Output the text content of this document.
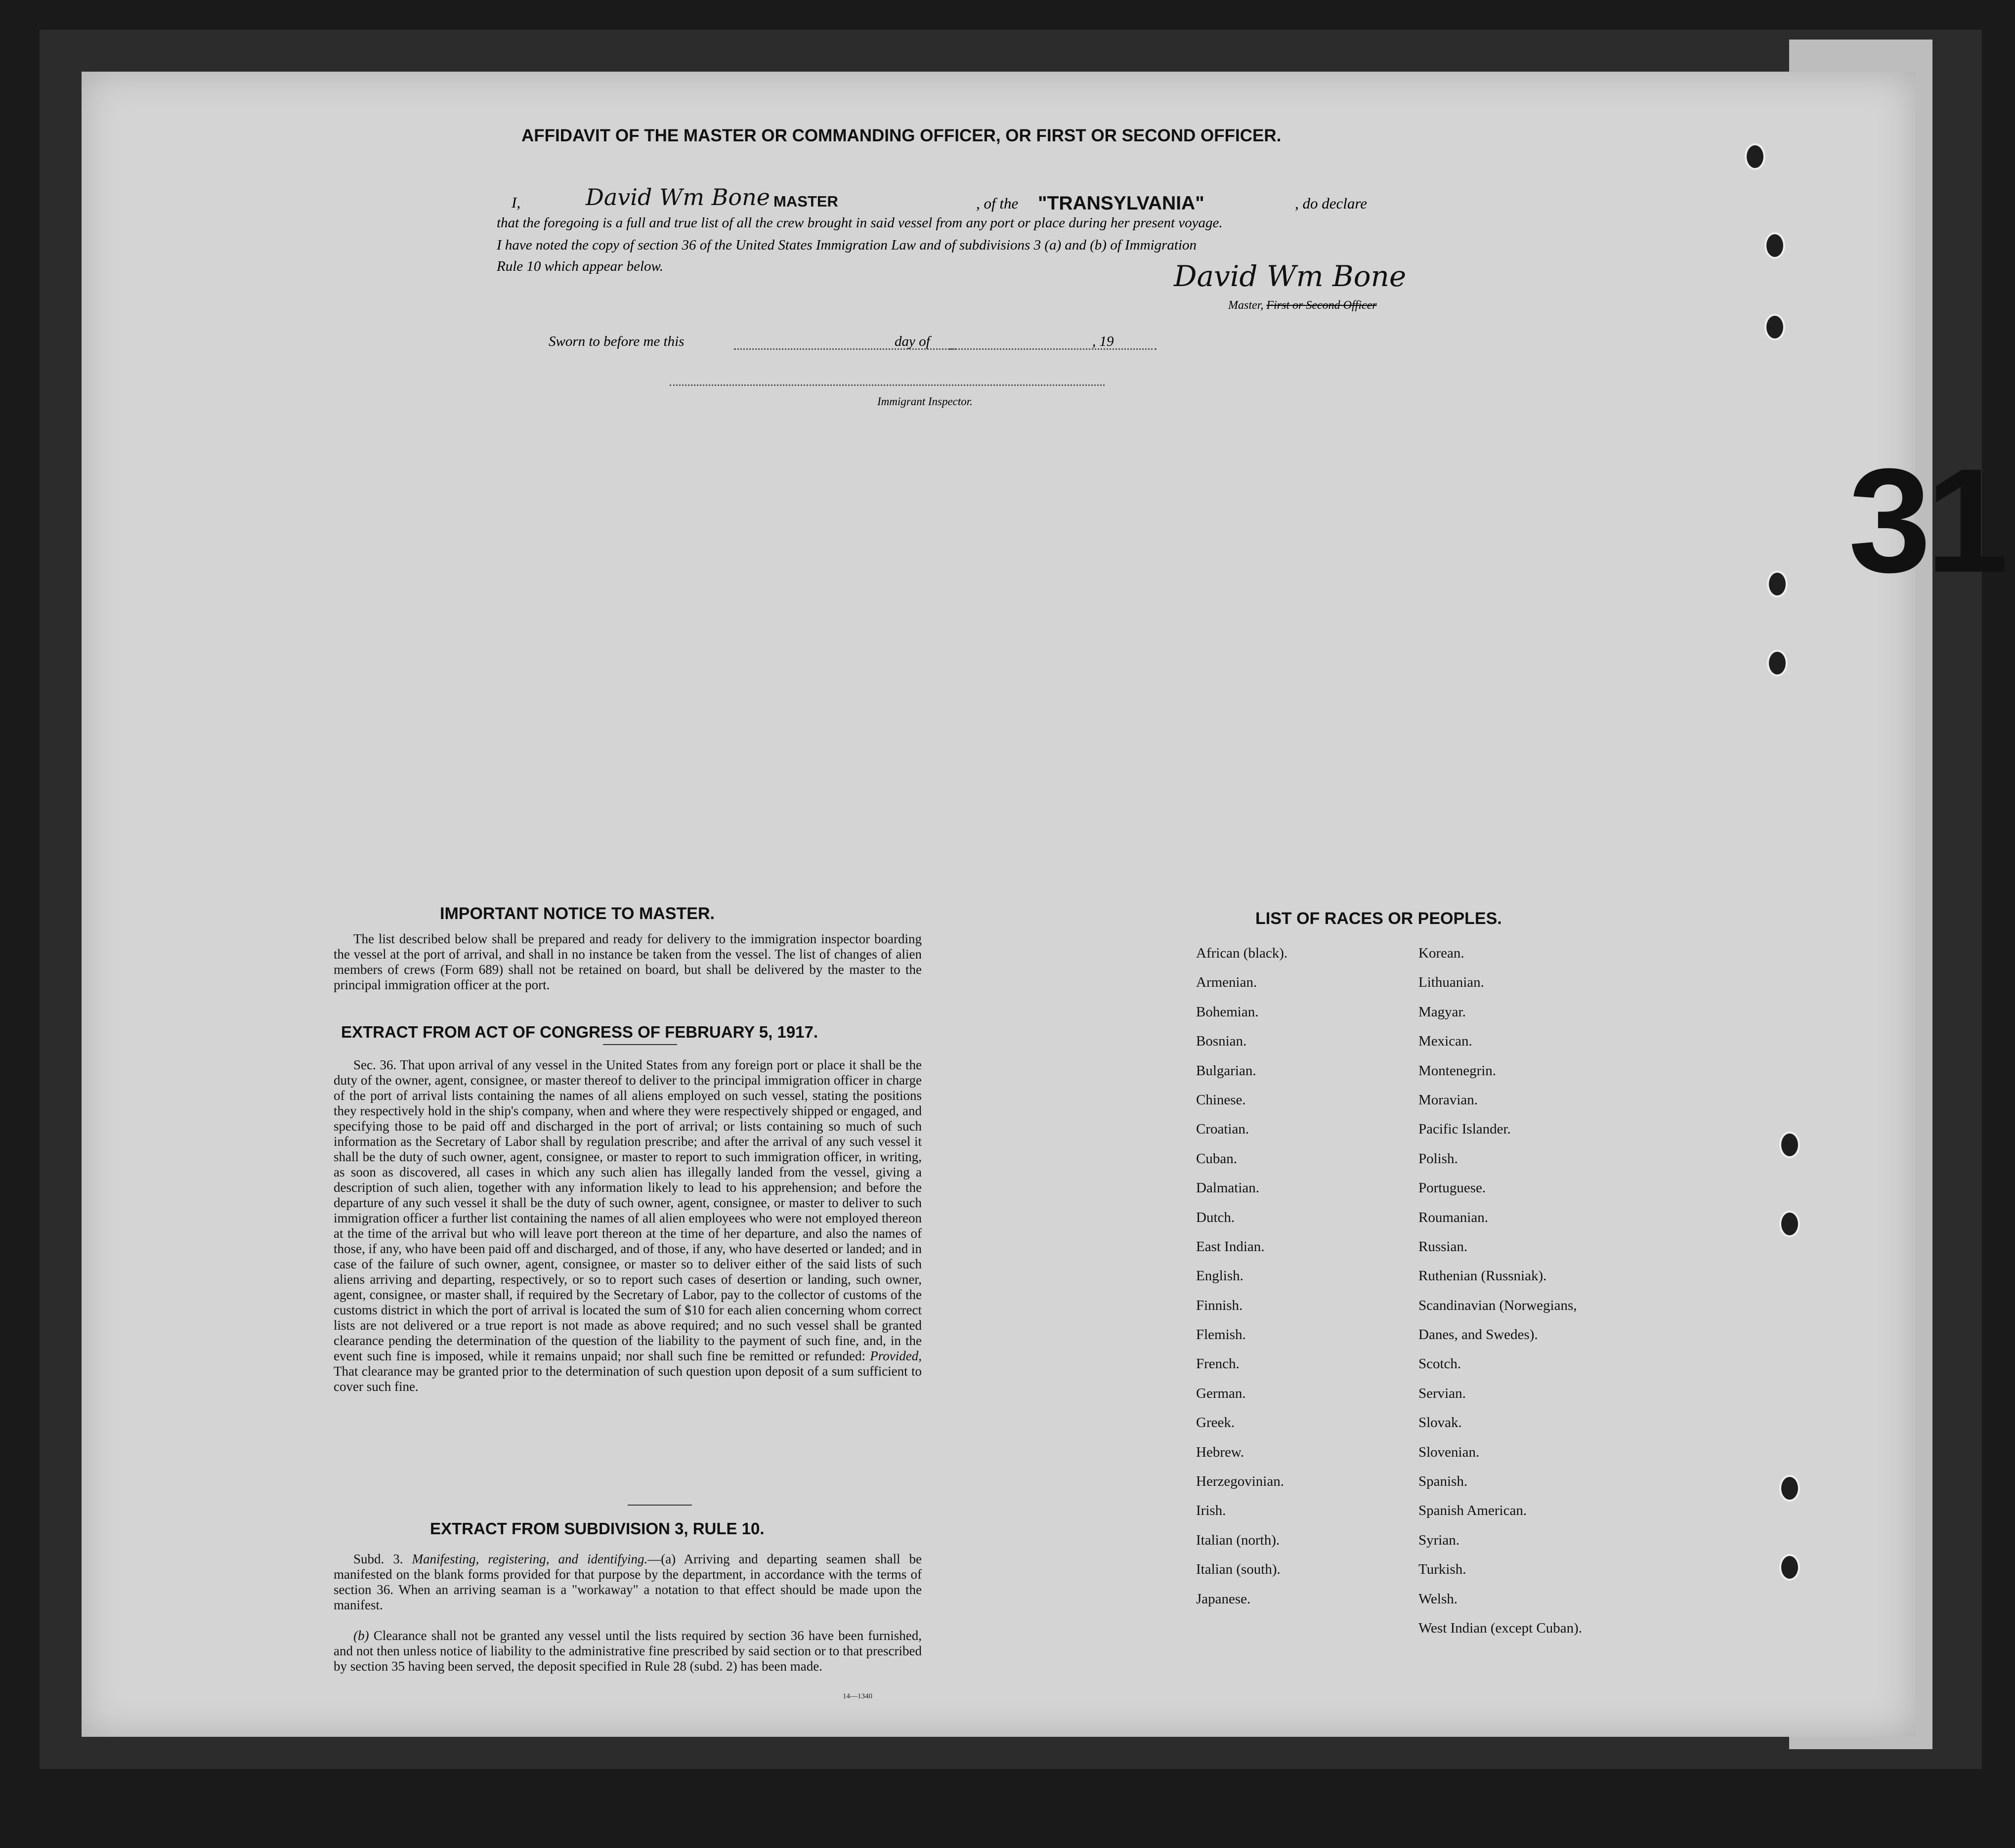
AFFIDAVIT OF THE MASTER OR COMMANDING OFFICER, OR FIRST OR SECOND OFFICER.
I,	David Wm Bone MASTER	, of the "TRANSYLVANIA"	, do declare
that the foregoing is a full and true list of all the crew brought in said vessel from any port or place during her present voyage.
I have noted the copy of section 36 of the United States Immigration Law and of subdivisions 3 (a) and (b) of Immigration
Rule 10 which appear below.	David Wm Bone
Master, First or Second Officer
Sworn to before me this	day of	, 19
Immigrant Inspector.
IMPORTANT NOTICE TO MASTER.
The list described below shall be prepared and ready for delivery to the immigration inspector boarding the vessel at the port of arrival, and shall in no instance be taken from the vessel. The list of changes of alien members of crews (Form 689) shall not be retained on board, but shall be delivered by the master to the principal immigration officer at the port.
EXTRACT FROM ACT OF CONGRESS OF FEBRUARY 5, 1917.
Sec. 36. That upon arrival of any vessel in the United States from any foreign port or place it shall be the duty of the owner, agent, consignee, or master thereof to deliver to the principal immigration officer in charge of the port of arrival lists containing the names of all aliens employed on such vessel, stating the positions they respectively hold in the ship's company, when and where they were respectively shipped or engaged, and specifying those to be paid off and discharged in the port of arrival; or lists containing so much of such information as the Secretary of Labor shall by regulation prescribe; and after the arrival of any such vessel it shall be the duty of such owner, agent, consignee, or master to report to such immigration officer, in writing, as soon as discovered, all cases in which any such alien has illegally landed from the vessel, giving a description of such alien, together with any information likely to lead to his apprehension; and before the departure of any such vessel it shall be the duty of such owner, agent, consignee, or master to deliver to such immigration officer a further list containing the names of all alien employees who were not employed thereon at the time of the arrival but who will leave port thereon at the time of her departure, and also the names of those, if any, who have been paid off and discharged, and of those, if any, who have deserted or landed; and in case of the failure of such owner, agent, consignee, or master so to deliver either of the said lists of such aliens arriving and departing, respectively, or so to report such cases of desertion or landing, such owner, agent, consignee, or master shall, if required by the Secretary of Labor, pay to the collector of customs of the customs district in which the port of arrival is located the sum of $10 for each alien concerning whom correct lists are not delivered or a true report is not made as above required; and no such vessel shall be granted clearance pending the determination of the question of the liability to the payment of such fine, and, in the event such fine is imposed, while it remains unpaid; nor shall such fine be remitted or refunded: Provided, That clearance may be granted prior to the determination of such question upon deposit of a sum sufficient to cover such fine.
EXTRACT FROM SUBDIVISION 3, RULE 10.
Subd. 3. Manifesting, registering, and identifying.—(a) Arriving and departing seamen shall be manifested on the blank forms provided for that purpose by the department, in accordance with the terms of section 36. When an arriving seaman is a "workaway" a notation to that effect should be made upon the manifest.
(b) Clearance shall not be granted any vessel until the lists required by section 36 have been furnished, and not then unless notice of liability to the administrative fine prescribed by said section or to that prescribed by section 35 having been served, the deposit specified in Rule 28 (subd. 2) has been made.
14—1340
LIST OF RACES OR PEOPLES.
African (black).
Armenian.
Bohemian.
Bosnian.
Bulgarian.
Chinese.
Croatian.
Cuban.
Dalmatian.
Dutch.
East Indian.
English.
Finnish.
Flemish.
French.
German.
Greek.
Hebrew.
Herzegovinian.
Irish.
Italian (north).
Italian (south).
Japanese.
Korean.
Lithuanian.
Magyar.
Mexican.
Montenegrin.
Moravian.
Pacific Islander.
Polish.
Portuguese.
Roumanian.
Russian.
Ruthenian (Russniak).
Scandinavian (Norwegians,
Danes, and Swedes).
Scotch.
Servian.
Slovak.
Slovenian.
Spanish.
Spanish American.
Syrian.
Turkish.
Welsh.
West Indian (except Cuban).
31
